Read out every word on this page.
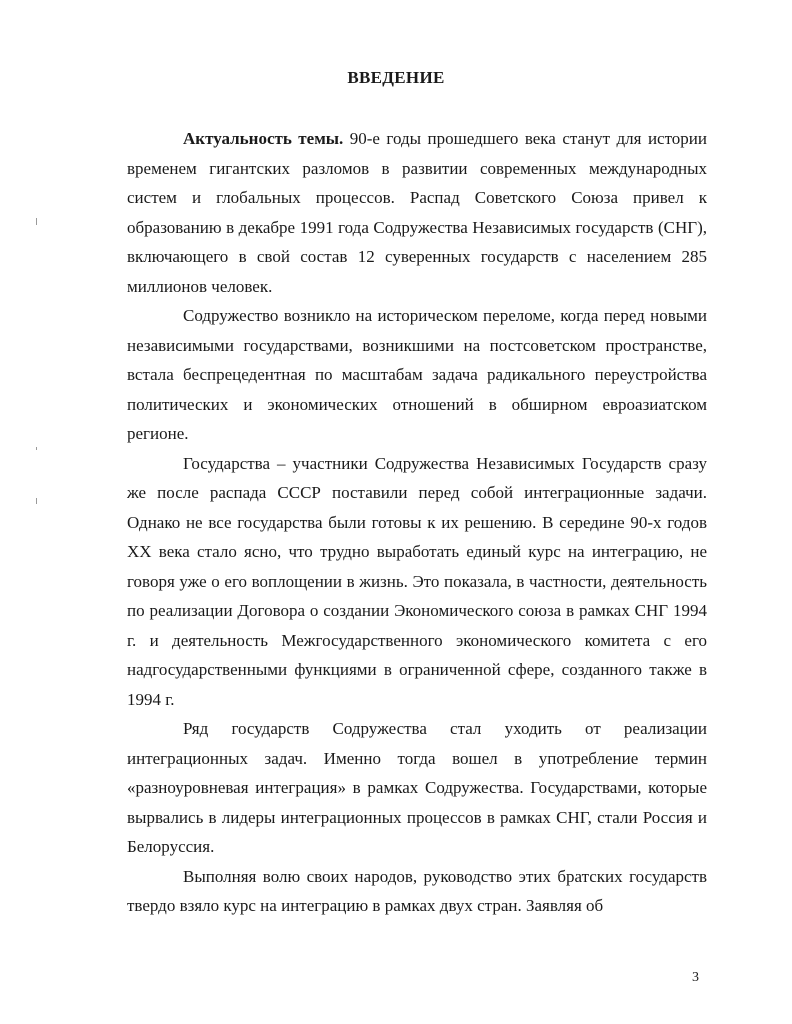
ВВЕДЕНИЕ

Актуальность темы. 90-е годы прошедшего века станут для истории временем гигантских разломов в развитии современных международных систем и глобальных процессов. Распад Советского Союза привел к образованию в декабре 1991 года Содружества Независимых государств (СНГ), включающего в свой состав 12 суверенных государств с населением 285 миллионов человек.

Содружество возникло на историческом переломе, когда перед новыми независимыми государствами, возникшими на постсоветском пространстве, встала беспрецедентная по масштабам задача радикального переустройства политических и экономических отношений в обширном евроазиатском регионе.

Государства – участники Содружества Независимых Государств сразу же после распада СССР поставили перед собой интеграционные задачи. Однако не все государства были готовы к их решению. В середине 90-х годов XX века стало ясно, что трудно выработать единый курс на интеграцию, не говоря уже о его воплощении в жизнь. Это показала, в частности, деятельность по реализации Договора о создании Экономического союза в рамках СНГ 1994 г. и деятельность Межгосударственного экономического комитета с его надгосударственными функциями в ограниченной сфере, созданного также в 1994 г.

Ряд государств Содружества стал уходить от реализации интеграционных задач. Именно тогда вошел в употребление термин «разноуровневая интеграция» в рамках Содружества. Государствами, которые вырвались в лидеры интеграционных процессов в рамках СНГ, стали Россия и Белоруссия.

Выполняя волю своих народов, руководство этих братских государств твердо взяло курс на интеграцию в рамках двух стран. Заявляя об

3
